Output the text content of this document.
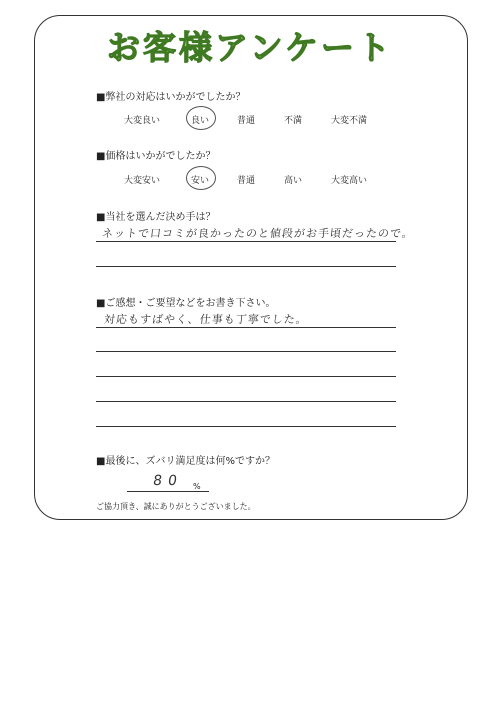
お客様アンケート
■弊社の対応はいかがでしたか？
大変良い	良い	普通	不満	大変不満
■価格はいかがでしたか？
大変安い	安い	普通	高い	大変高い
■当社を選んだ決め手は？
ネットで口コミが良かったのと値段がお手頃だったので。
■ご感想・ご要望などをお書き下さい。
対応もすばやく、仕事も丁寧でした。
■最後に、ズバリ満足度は何%ですか？
80 %
ご協力頂き、誠にありがとうございました。
